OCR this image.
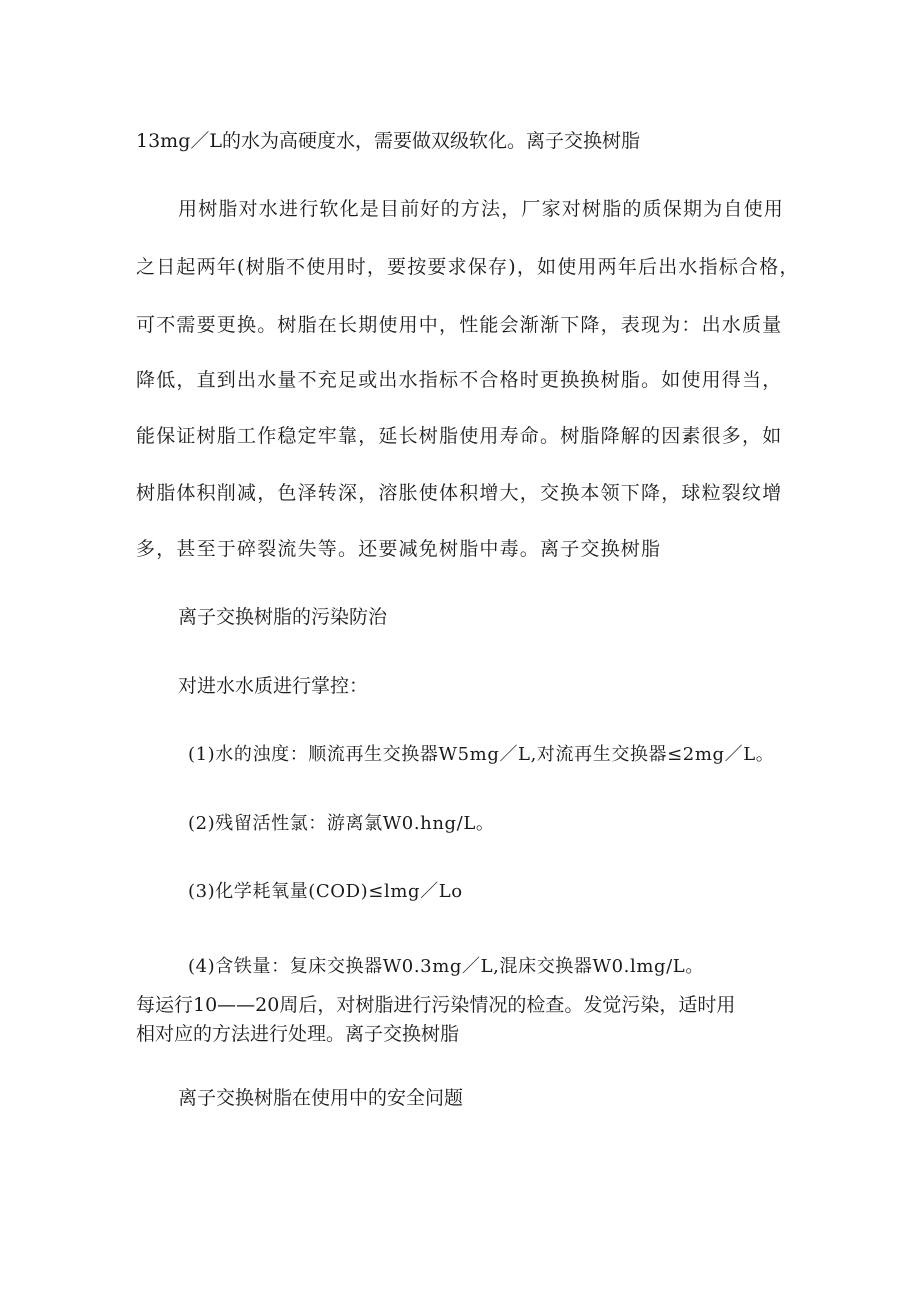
13mg／L的水为高硬度水，需要做双级软化。离子交换树脂
用树脂对水进行软化是目前好的方法，厂家对树脂的质保期为自使用
之日起两年(树脂不使用时，要按要求保存)，如使用两年后出水指标合格，
可不需要更换。树脂在长期使用中，性能会渐渐下降，表现为：出水质量
降低，直到出水量不充足或出水指标不合格时更换换树脂。如使用得当，
能保证树脂工作稳定牢靠，延长树脂使用寿命。树脂降解的因素很多，如
树脂体积削减，色泽转深，溶胀使体积增大，交换本领下降，球粒裂纹增
多，甚至于碎裂流失等。还要减免树脂中毒。离子交换树脂
离子交换树脂的污染防治
对进水水质进行掌控：
(1)水的浊度：顺流再生交换器W5mg／L,对流再生交换器≤2mg／L。
(2)残留活性氯：游离氯W0.hng/L。
(3)化学耗氧量(COD)≤lmg／Lo
(4)含铁量：复床交换器W0.3mg／L,混床交换器W0.lmg/L。
每运行10——20周后，对树脂进行污染情况的检查。发觉污染，适时用
相对应的方法进行处理。离子交换树脂
离子交换树脂在使用中的安全问题
